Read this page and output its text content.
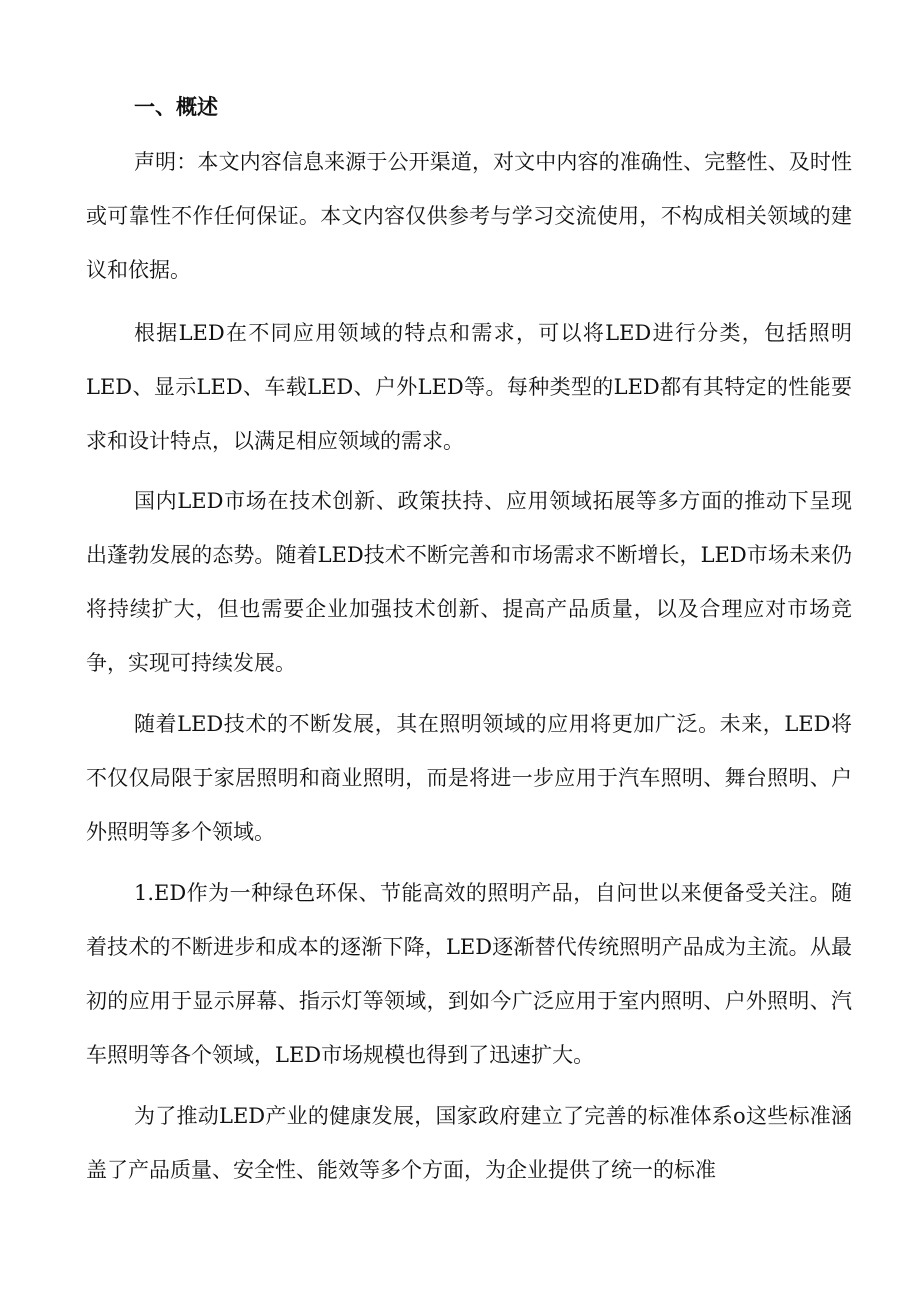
一、概述

声明：本文内容信息来源于公开渠道，对文中内容的准确性、完整性、及时性或可靠性不作任何保证。本文内容仅供参考与学习交流使用，不构成相关领域的建议和依据。

根据LED在不同应用领域的特点和需求，可以将LED进行分类，包括照明LED、显示LED、车载LED、户外LED等。每种类型的LED都有其特定的性能要求和设计特点，以满足相应领域的需求。

国内LED市场在技术创新、政策扶持、应用领域拓展等多方面的推动下呈现出蓬勃发展的态势。随着LED技术不断完善和市场需求不断增长，LED市场未来仍将持续扩大，但也需要企业加强技术创新、提高产品质量，以及合理应对市场竞争，实现可持续发展。

随着LED技术的不断发展，其在照明领域的应用将更加广泛。未来，LED将不仅仅局限于家居照明和商业照明，而是将进一步应用于汽车照明、舞台照明、户外照明等多个领域。

1.ED作为一种绿色环保、节能高效的照明产品，自问世以来便备受关注。随着技术的不断进步和成本的逐渐下降，LED逐渐替代传统照明产品成为主流。从最初的应用于显示屏幕、指示灯等领域，到如今广泛应用于室内照明、户外照明、汽车照明等各个领域，LED市场规模也得到了迅速扩大。

为了推动LED产业的健康发展，国家政府建立了完善的标准体系o这些标准涵盖了产品质量、安全性、能效等多个方面，为企业提供了统一的标准
